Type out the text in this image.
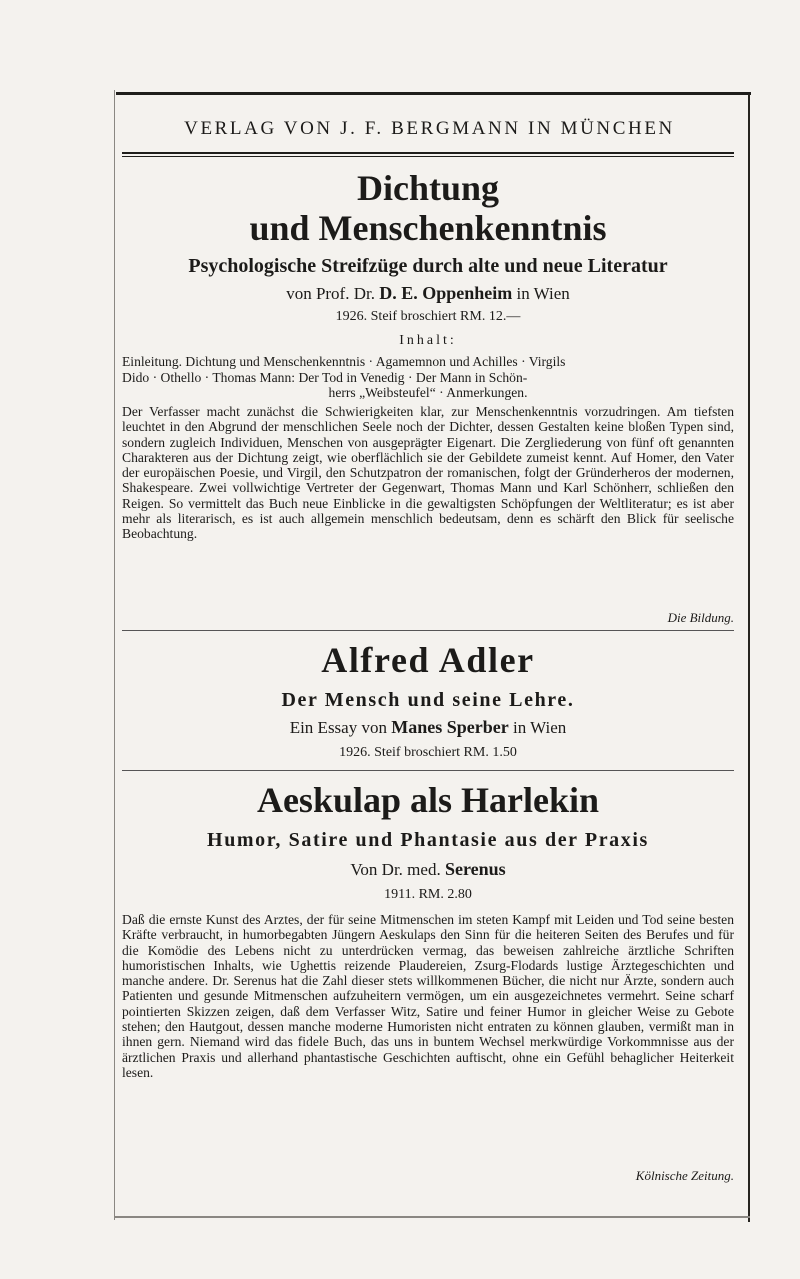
VERLAG VON J. F. BERGMANN IN MÜNCHEN
Dichtung
und Menschenkenntnis
Psychologische Streifzüge durch alte und neue Literatur
von Prof. Dr. D. E. Oppenheim in Wien
1926. Steif broschiert RM. 12.—
Inhalt:
Einleitung. Dichtung und Menschenkenntnis · Agamemnon und Achilles · Virgils
Dido · Othello · Thomas Mann: Der Tod in Venedig · Der Mann in Schön-
herrs „Weibsteufel“ · Anmerkungen.
Der Verfasser macht zunächst die Schwierigkeiten klar, zur Menschenkenntnis vorzudringen. Am tiefsten leuchtet in den Abgrund der menschlichen Seele noch der Dichter, dessen Gestalten keine bloßen Typen sind, sondern zugleich Individuen, Menschen von ausgeprägter Eigenart. Die Zergliederung von fünf oft genannten Charakteren aus der Dichtung zeigt, wie oberflächlich sie der Gebildete zumeist kennt. Auf Homer, den Vater der europäischen Poesie, und Virgil, den Schutzpatron der romanischen, folgt der Gründerheros der modernen, Shakespeare. Zwei vollwichtige Vertreter der Gegenwart, Thomas Mann und Karl Schönherr, schließen den Reigen. So vermittelt das Buch neue Einblicke in die gewaltigsten Schöpfungen der Weltliteratur; es ist aber mehr als literarisch, es ist auch allgemein menschlich bedeutsam, denn es schärft den Blick für seelische Beobachtung.
Die Bildung.
Alfred Adler
Der Mensch und seine Lehre.
Ein Essay von Manes Sperber in Wien
1926. Steif broschiert RM. 1.50
Aeskulap als Harlekin
Humor, Satire und Phantasie aus der Praxis
Von Dr. med. Serenus
1911. RM. 2.80
Daß die ernste Kunst des Arztes, der für seine Mitmenschen im steten Kampf mit Leiden und Tod seine besten Kräfte verbraucht, in humorbegabten Jüngern Aeskulaps den Sinn für die heiteren Seiten des Berufes und für die Komödie des Lebens nicht zu unterdrücken vermag, das beweisen zahlreiche ärztliche Schriften humoristischen Inhalts, wie Ughettis reizende Plaudereien, Zsurg-Flodards lustige Ärztegeschichten und manche andere. Dr. Serenus hat die Zahl dieser stets willkommenen Bücher, die nicht nur Ärzte, sondern auch Patienten und gesunde Mitmenschen aufzuheitern vermögen, um ein ausgezeichnetes vermehrt. Seine scharf pointierten Skizzen zeigen, daß dem Verfasser Witz, Satire und feiner Humor in gleicher Weise zu Gebote stehen; den Hautgout, dessen manche moderne Humoristen nicht entraten zu können glauben, vermißt man in ihnen gern. Niemand wird das fidele Buch, das uns in buntem Wechsel merkwürdige Vorkommnisse aus der ärztlichen Praxis und allerhand phantastische Geschichten auftischt, ohne ein Gefühl behaglicher Heiterkeit lesen.
Kölnische Zeitung.
